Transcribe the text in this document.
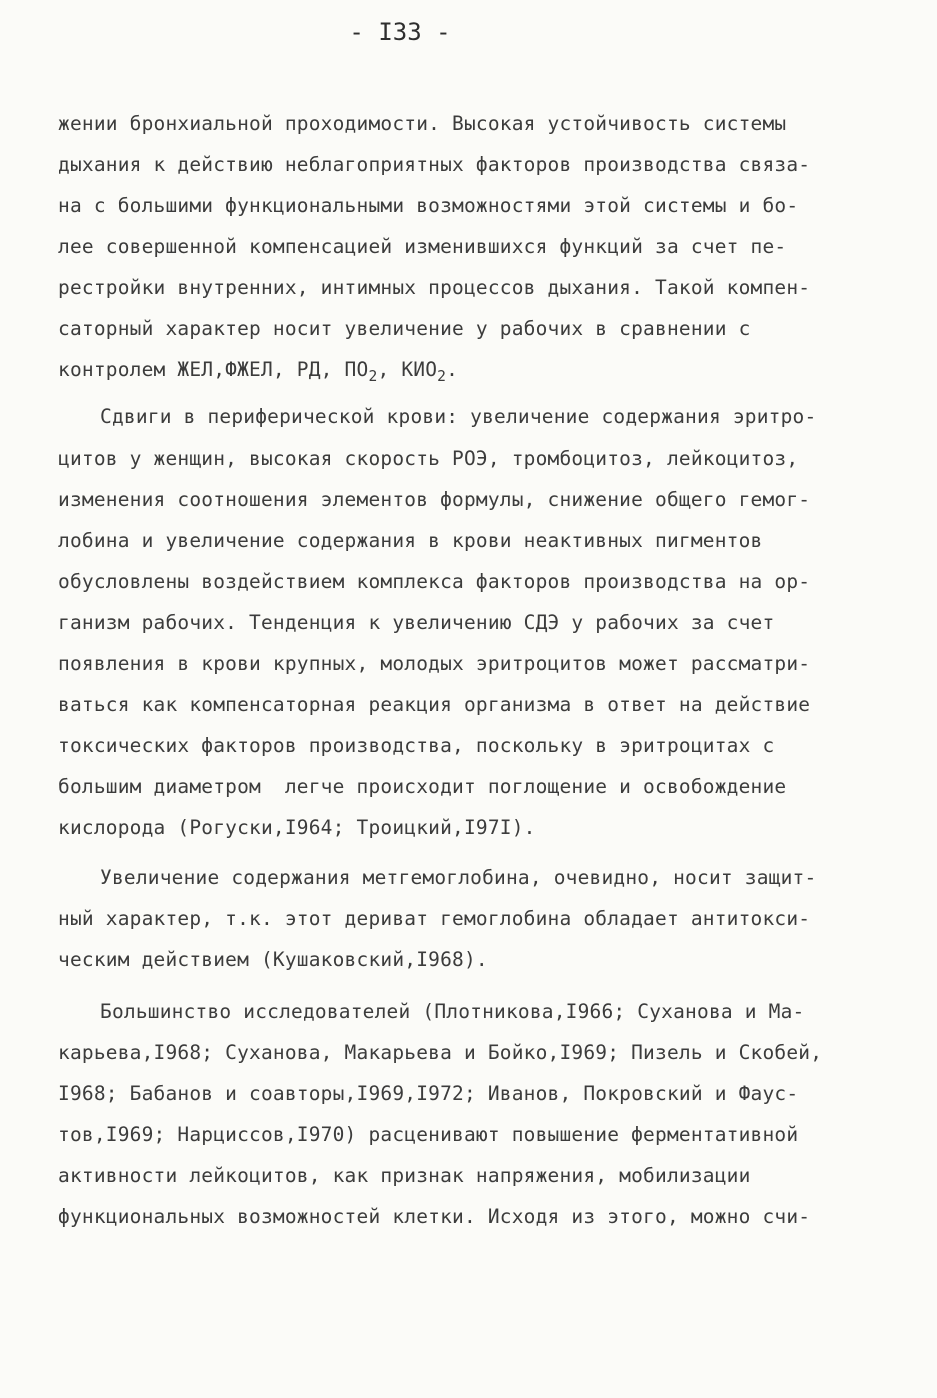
- I33 -
жении бронхиальной проходимости. Высокая устойчивость системы
дыхания к действию неблагоприятных факторов производства связа-
на с большими функциональными возможностями этой системы и бо-
лее совершенной компенсацией изменившихся функций за счет пе-
рестройки внутренних, интимных процессов дыхания. Такой компен-
саторный характер носит увеличение у рабочих в сравнении с
контролем ЖЕЛ,ФЖЕЛ, РД, $ПО_2$, $КИО_2$.
Сдвиги в периферической крови: увеличение содержания эритро-
цитов у женщин, высокая скорость РОЭ, тромбоцитоз, лейкоцитоз,
изменения соотношения элементов формулы, снижение общего гемог-
лобина и увеличение содержания в крови неактивных пигментов
обусловлены воздействием комплекса факторов производства на ор-
ганизм рабочих. Тенденция к увеличению СДЭ у рабочих за счет
появления в крови крупных, молодых эритроцитов может рассматри-
ваться как компенсаторная реакция организма в ответ на действие
токсических факторов производства, поскольку в эритроцитах с
большим диаметром  легче происходит поглощение и освобождение
кислорода (Рогуски,I964; Троицкий,I97I).
Увеличение содержания метгемоглобина, очевидно, носит защит-
ный характер, т.к. этот дериват гемоглобина обладает антитокси-
ческим действием (Кушаковский,I968).
Большинство исследователей (Плотникова,I966; Суханова и Ма-
карьева,I968; Суханова, Макарьева и Бойко,I969; Пизель и Скобей,
I968; Бабанов и соавторы,I969,I972; Иванов, Покровский и Фаус-
тов,I969; Нарциссов,I970) расценивают повышение ферментативной
активности лейкоцитов, как признак напряжения, мобилизации
функциональных возможностей клетки. Исходя из этого, можно счи-
